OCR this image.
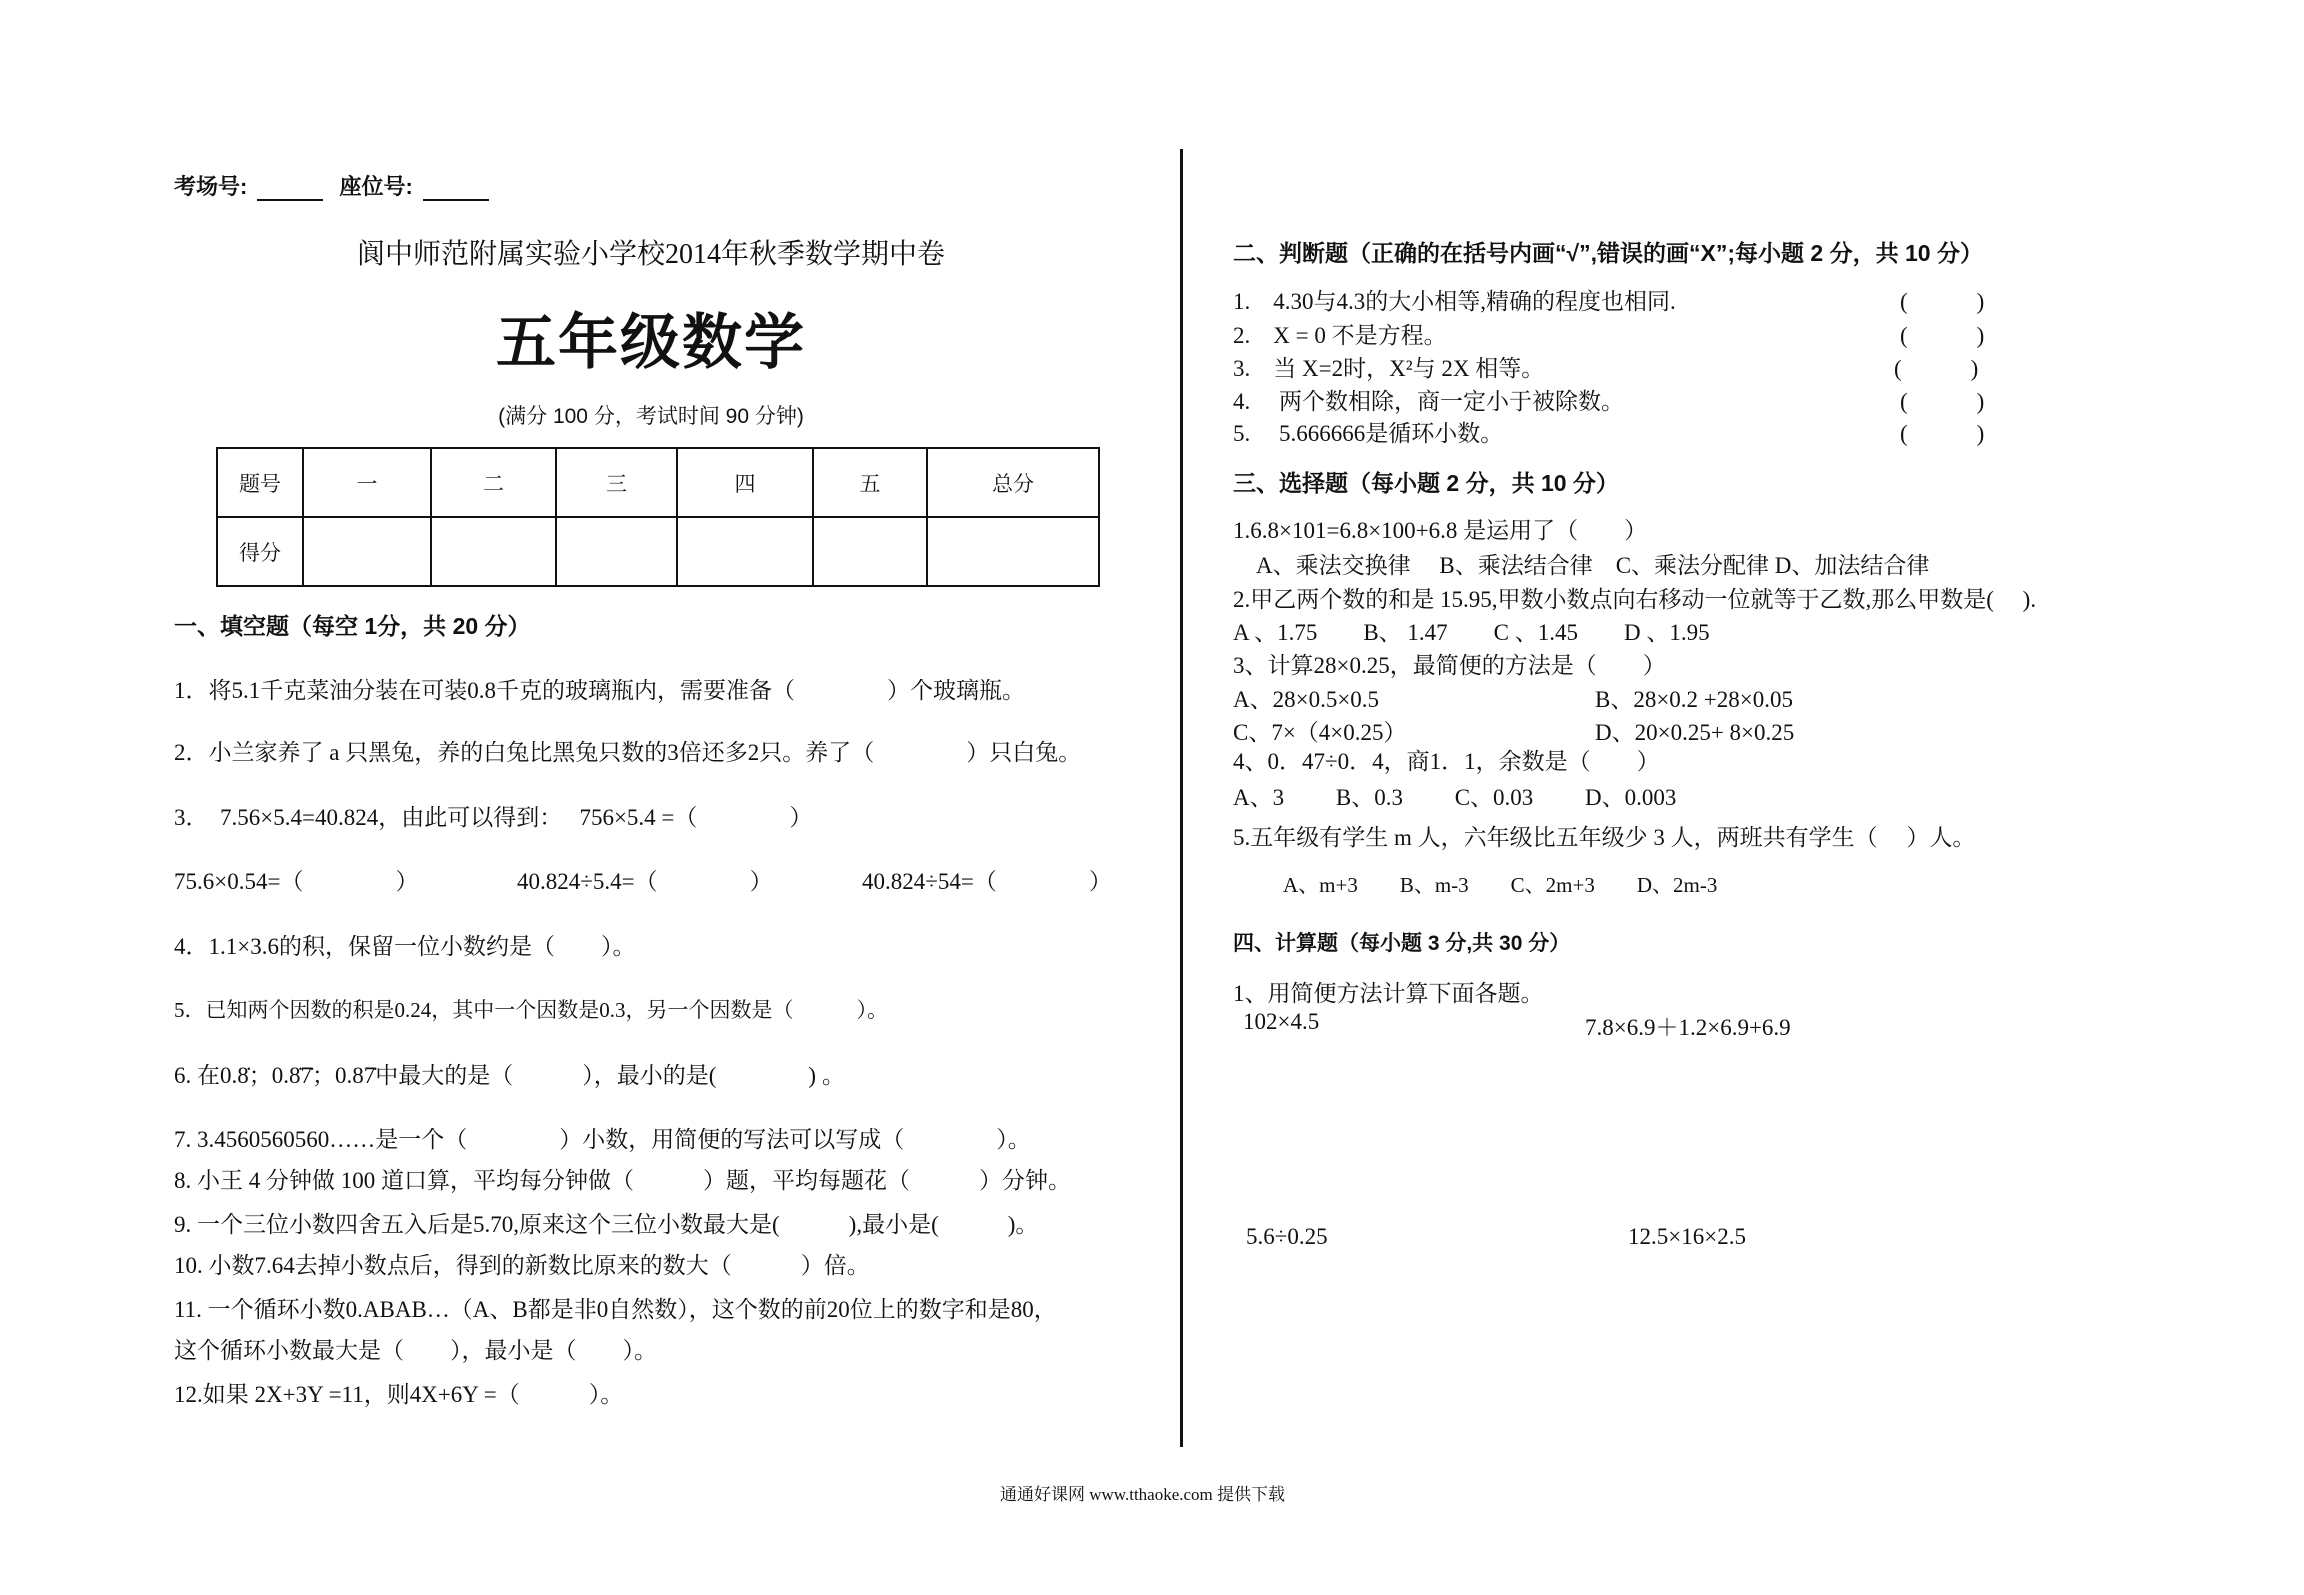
考场号:	座位号:
阆中师范附属实验小学校2014年秋季数学期中卷
五年级数学
(满分 100 分，考试时间 90 分钟)
题号	一	二	三	四	五	总分
得分						
一、填空题（每空 1分，共 20 分）
1．将5.1千克菜油分装在可装0.8千克的玻璃瓶内，需要准备（　　　　）个玻璃瓶。
2．小兰家养了 a 只黑兔，养的白兔比黑兔只数的3倍还多2只。养了（　　　　）只白兔。
3．　7.56×5.4=40.824，由此可以得到：　 756×5.4 =（　　　　）
75.6×0.54=（　　　　）	40.824÷5.4=（　　　　）	40.824÷54=（　　　　）
4．1.1×3.6的积，保留一位小数约是（　　）。
5．已知两个因数的积是0.24，其中一个因数是0.3，另一个因数是（　　　）。
6. 在0.8̇；0.8̇7̇；0.87̇中最大的是（　　　），最小的是(　　　　) 。
7. 3.4560560560……是一个（　　　　）小数，用简便的写法可以写成（　　　　）。
8. 小王 4 分钟做 100 道口算，平均每分钟做（　　　）题，平均每题花（　　　）分钟。
9. 一个三位小数四舍五入后是5.70,原来这个三位小数最大是(　　　),最小是(　　　)。
10. 小数7.64去掉小数点后，得到的新数比原来的数大（　　　）倍。
11. 一个循环小数0.ABAB…（A、B都是非0自然数），这个数的前20位上的数字和是80，
这个循环小数最大是（　　），最小是（　　）。
12.如果 2X+3Y =11，则4X+6Y =（　　　）。
二、判断题（正确的在括号内画“√”,错误的画“X”;每小题 2 分，共 10 分）
1.　4.30与4.3的大小相等,精确的程度也相同.
2.　X = 0 不是方程。
3.　当 X=2时，X²与 2X 相等。
4.　 两个数相除，商一定小于被除数。
5.　 5.666666是循环小数。
(　　　)
(　　　)
(　　　)
(　　　)
(　　　)
三、选择题（每小题 2 分，共 10 分）
1.6.8×101=6.8×100+6.8 是运用了（　　）
　A、乘法交换律　 B、乘法结合律　C、乘法分配律 D、加法结合律
2.甲乙两个数的和是 15.95,甲数小数点向右移动一位就等于乙数,那么甲数是(　 ).
A 、1.75　　B、 1.47　　C 、1.45　　D 、1.95
3、计算28×0.25，最简便的方法是（　　）
A、28×0.5×0.5	B、28×0.2 +28×0.05
C、7×（4×0.25）	D、20×0.25+ 8×0.25
4、0．47÷0．4，商1．1，余数是（　　）
A、3　　 B、0.3　　 C、0.03　　 D、0.003
5.五年级有学生 m 人，六年级比五年级少 3 人，两班共有学生（　 ）人。
A、m+3　　B、m-3　　C、2m+3　　D、2m-3
四、计算题（每小题 3 分,共 30 分）
1、用简便方法计算下面各题。
102×4.5	7.8×6.9＋1.2×6.9+6.9
5.6÷0.25	12.5×16×2.5
通通好课网 www.tthaoke.com 提供下载
